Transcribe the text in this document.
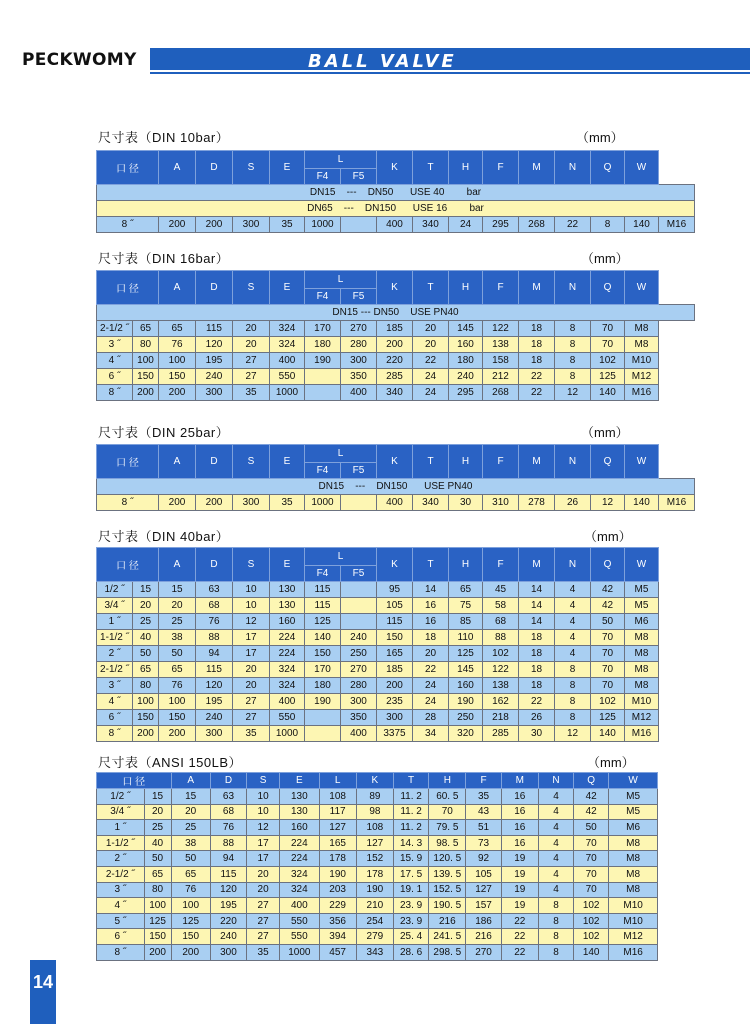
PECKWOMY	BALL VALVE
尺寸表（DIN 10bar）	（mm）
口 径	A	D	S	E	L		K	T	H	F	M	N	Q	W
					F4	F5									
DN15 --- DN50 USE 40 bar															
DN65 --- DN150 USE 16 bar															
8 ˝	200	200	300	35	1000		400	340	24	295	268	22	8	140	M16
尺寸表（DIN 16bar）	（mm）
口 径		A	D	S	E	L		K	T	H	F	M	N	Q	W
						F4	F5								
DN15 --- DN50 USE PN40															
2-1/2 ˝	65	65	115	20	324	170	270	185	20	145	122	18	8	70	M8
3 ˝	80	76	120	20	324	180	280	200	20	160	138	18	8	70	M8
4 ˝	100	100	195	27	400	190	300	220	22	180	158	18	8	102	M10
6 ˝	150	150	240	27	550		350	285	24	240	212	22	8	125	M12
8 ˝	200	200	300	35	1000		400	340	24	295	268	22	12	140	M16
尺寸表（DIN 25bar）	（mm）
口 径	A	D	S	E	L		K	T	H	F	M	N	Q	W	
					F4	F5									
DN15 --- DN150 USE PN40															
8 ˝	200	200	300	35	1000		400	340	30	310	278	26	12	140	M16
尺寸表（DIN 40bar）	（mm）
口 径		A	D	S	E	L		K	T	H	F	M	N	Q	W
						F4	F5								
1/2 ˝	15	15	63	10	130	115		95	14	65	45	14	4	42	M5
3/4 ˝	20	20	68	10	130	115		105	16	75	58	14	4	42	M5
1 ˝	25	25	76	12	160	125		115	16	85	68	14	4	50	M6
1-1/2 ˝	40	38	88	17	224	140	240	150	18	110	88	18	4	70	M8
2 ˝	50	50	94	17	224	150	250	165	20	125	102	18	4	70	M8
2-1/2 ˝	65	65	115	20	324	170	270	185	22	145	122	18	8	70	M8
3 ˝	80	76	120	20	324	180	280	200	24	160	138	18	8	70	M8
4 ˝	100	100	195	27	400	190	300	235	24	190	162	22	8	102	M10
6 ˝	150	150	240	27	550		350	300	28	250	218	26	8	125	M12
8 ˝	200	200	300	35	1000		400	3375	34	320	285	30	12	140	M16
尺寸表（ANSI 150LB）	（mm）
口 径		A	D	S	E	L	K	T	H	F	M	N	Q	W
1/2 ˝	15	15	63	10	130	108	89	11. 2	60. 5	35	16	4	42	M5
3/4 ˝	20	20	68	10	130	117	98	11. 2	70	43	16	4	42	M5
1 ˝	25	25	76	12	160	127	108	11. 2	79. 5	51	16	4	50	M6
1-1/2 ˝	40	38	88	17	224	165	127	14. 3	98. 5	73	16	4	70	M8
2 ˝	50	50	94	17	224	178	152	15. 9	120. 5	92	19	4	70	M8
2-1/2 ˝	65	65	115	20	324	190	178	17. 5	139. 5	105	19	4	70	M8
3 ˝	80	76	120	20	324	203	190	19. 1	152. 5	127	19	4	70	M8
4 ˝	100	100	195	27	400	229	210	23. 9	190. 5	157	19	8	102	M10
5 ˝	125	125	220	27	550	356	254	23. 9	216	186	22	8	102	M10
6 ˝	150	150	240	27	550	394	279	25. 4	241. 5	216	22	8	102	M12
8 ˝	200	200	300	35	1000	457	343	28. 6	298. 5	270	22	8	140	M16
14
